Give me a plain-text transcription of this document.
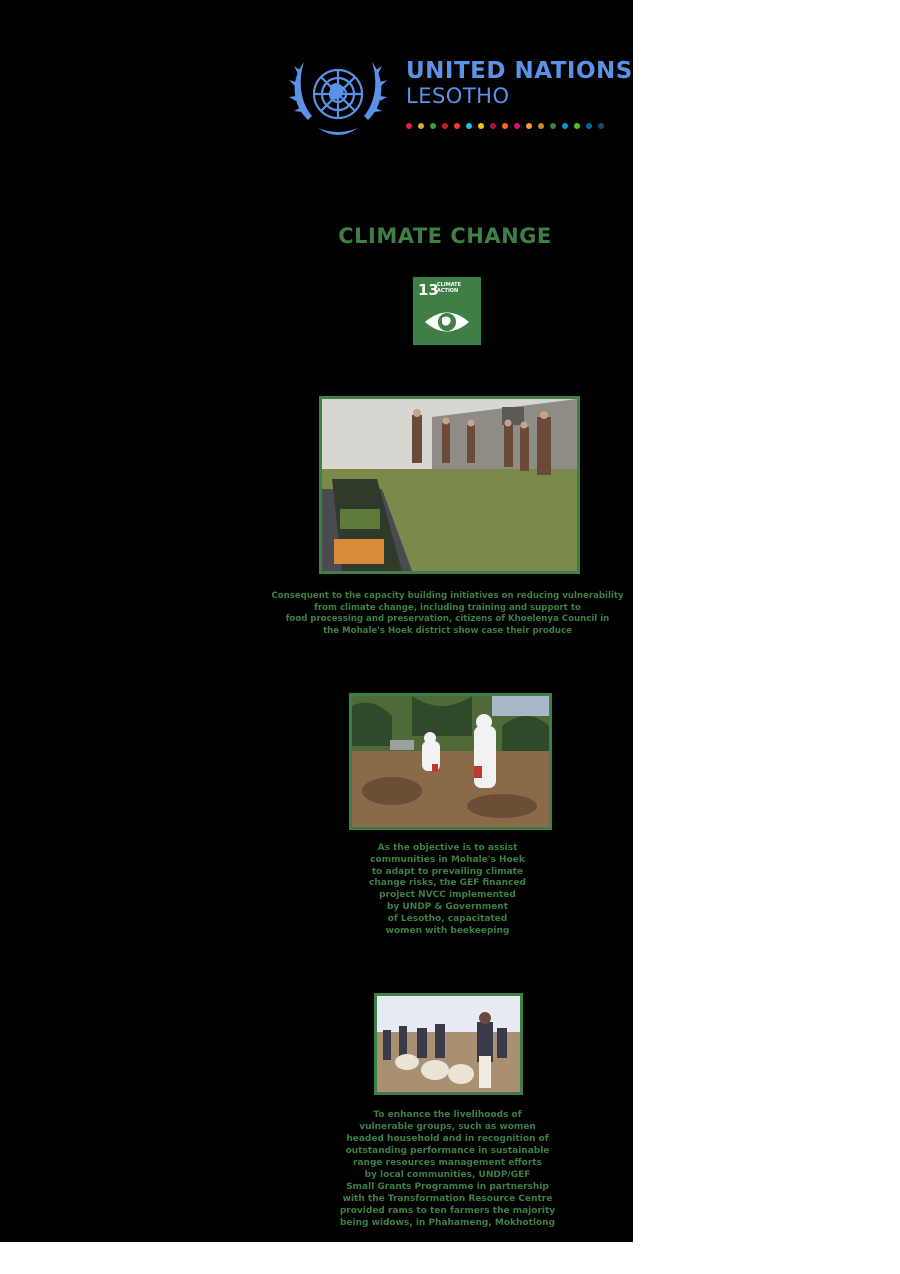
UNITED NATIONS
LESOTHO
CLIMATE CHANGE
13
CLIMATE
ACTION
Consequent to the capacity building initiatives on reducing vulnerability
from climate change, including training and support to
food processing and preservation, citizens of Khoelenya Council in
the Mohale's Hoek district show case their produce
As the objective is to assist
communities in Mohale's Hoek
to adapt to prevailing climate
change risks, the GEF financed
project NVCC implemented
by UNDP & Government
of Lesotho, capacitated
women with beekeeping
To enhance the livelihoods of
vulnerable groups, such as women
headed household and in recognition of
outstanding performance in sustainable
range resources management efforts
by local communities, UNDP/GEF
Small Grants Programme in partnership
with the Transformation Resource Centre
provided rams to ten farmers the majority
being widows, in Phahameng, Mokhotlong
